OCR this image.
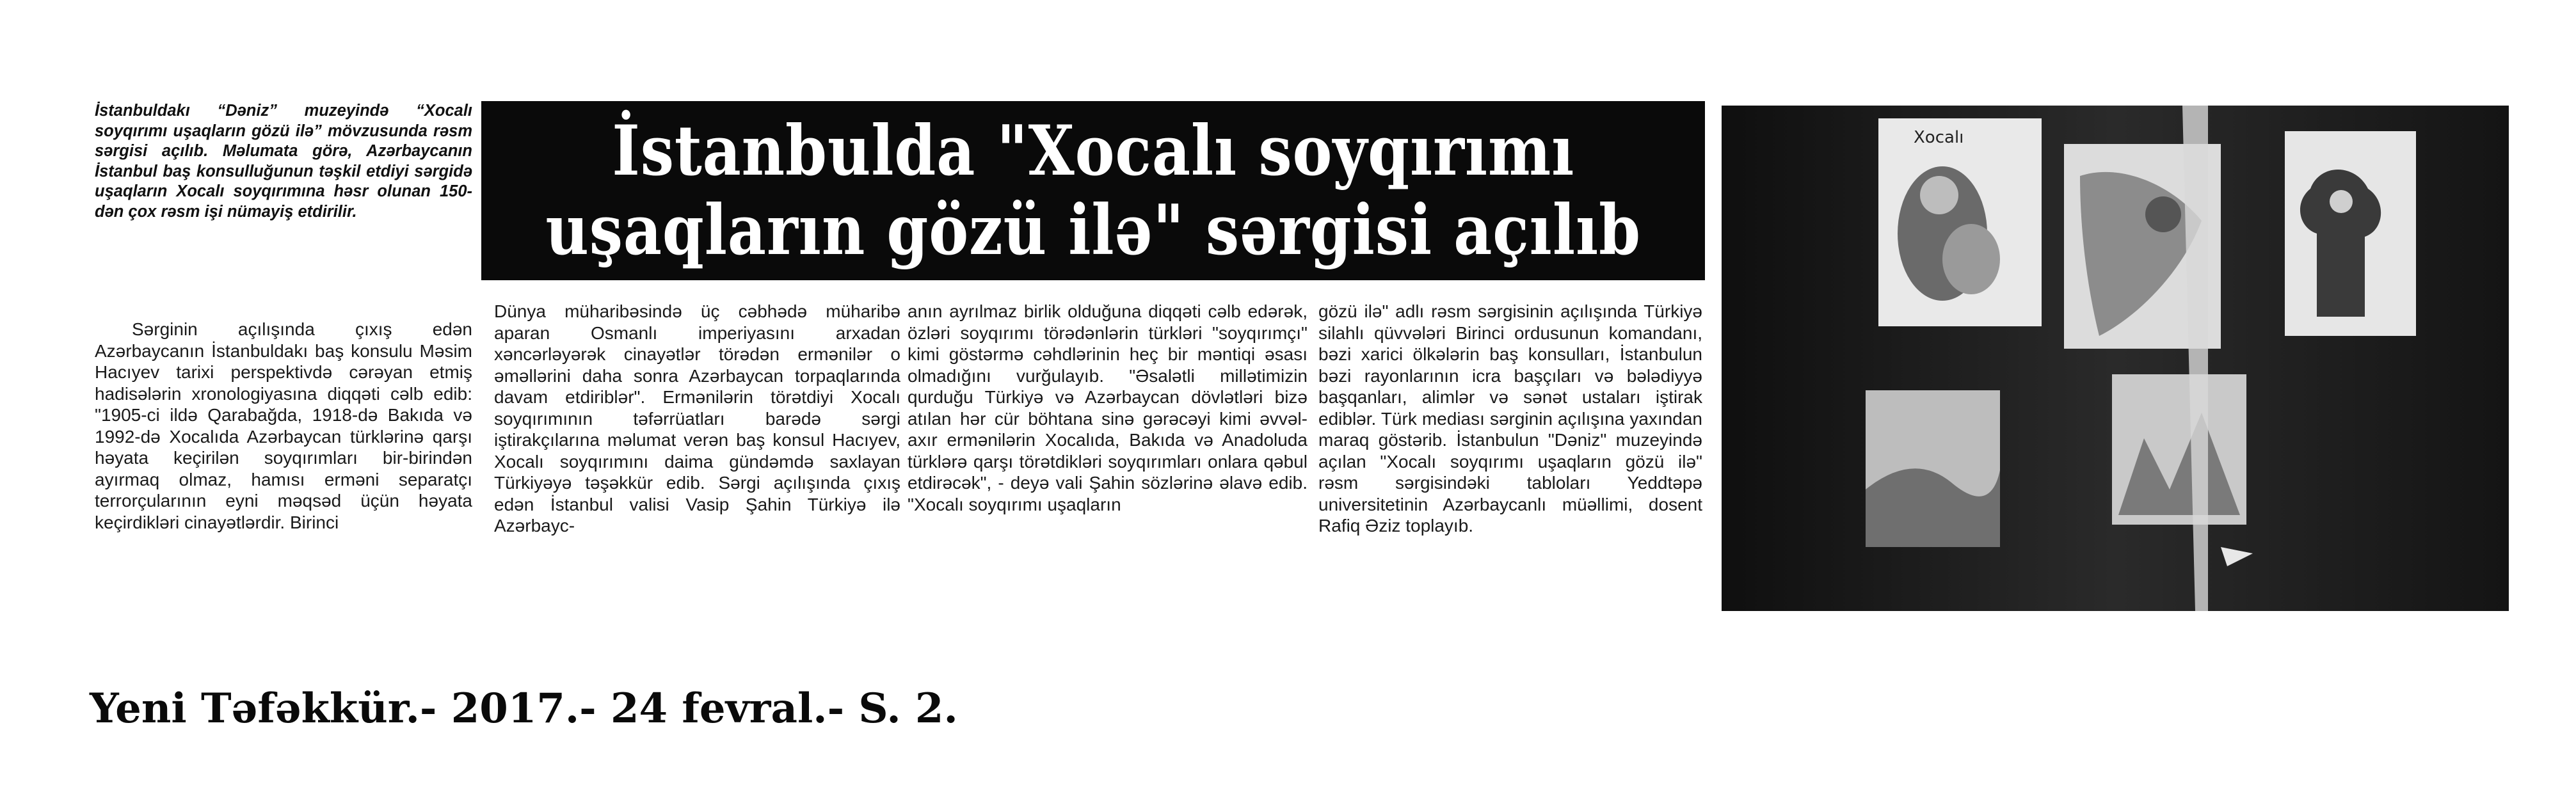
İstanbuldakı “Dəniz” muzeyində “Xocalı soyqırımı uşaqların gözü ilə” mövzusunda rəsm sərgisi açılıb. Məlumata görə, Azərbaycanın İstanbul baş konsulluğunun təşkil etdiyi sərgidə uşaqların Xocalı soyqırımına həsr olunan 150-dən çox rəsm işi nümayiş etdirilir.

İstanbulda "Xocalı soyqırımı
uşaqların gözü ilə" sərgisi açılıb

Sərginin açılışında çıxış edən Azərbaycanın İstanbuldakı baş konsulu Məsim Hacıyev tarixi perspektivdə cərəyan etmiş hadisələrin xronologiyasına diqqəti cəlb edib: "1905-ci ildə Qarabağda, 1918-də Bakıda və 1992-də Xocalıda Azərbaycan türklərinə qarşı həyata keçirilən soyqırımları bir-birindən ayırmaq olmaz, hamısı erməni separatçı terrorçularının eyni məqsəd üçün həyata keçirdikləri cinayətlərdir. Birinci

Dünya müharibəsində üç cəbhədə müharibə aparan Osmanlı imperiyasını arxadan xəncərləyərək cinayətlər törədən ermənilər o əməllərini daha sonra Azərbaycan torpaqlarında davam etdiriblər". Ermənilərin törətdiyi Xocalı soyqırımının təfərrüatları barədə sərgi iştirakçılarına məlumat verən baş konsul Hacıyev, Xocalı soyqırımını daima gündəmdə saxlayan Türkiyəyə təşəkkür edib. Sərgi açılışında çıxış edən İstanbul valisi Vasip Şahin Türkiyə ilə Azərbayc-

anın ayrılmaz birlik olduğuna diqqəti cəlb edərək, özləri soyqırımı törədənlərin türkləri "soyqırımçı" kimi göstərmə cəhdlərinin heç bir məntiqi əsası olmadığını vurğulayıb. "Əsalətli millətimizin qurduğu Türkiyə və Azərbaycan dövlətləri bizə atılan hər cür böhtana sinə gərəcəyi kimi əvvəl-axır ermənilərin Xocalıda, Bakıda və Anadoluda türklərə qarşı törətdikləri soyqırımları onlara qəbul etdirəcək", - deyə vali Şahin sözlərinə əlavə edib. "Xocalı soyqırımı uşaqların

gözü ilə" adlı rəsm sərgisinin açılışında Türkiyə silahlı qüvvələri Birinci ordusunun komandanı, bəzi xarici ölkələrin baş konsulları, İstanbulun bəzi rayonlarının icra başçıları və bələdiyyə başqanları, alimlər və sənət ustaları iştirak ediblər. Türk mediası sərginin açılışına yaxından maraq göstərib. İstanbulun "Dəniz" muzeyində açılan "Xocalı soyqırımı uşaqların gözü ilə" rəsm sərgisindəki tabloları Yeddtəpə universitetinin Azərbaycanlı müəllimi, dosent Rafiq Əziz toplayıb.

Xocalı
Yeni Təfəkkür.- 2017.- 24 fevral.- S. 2.
